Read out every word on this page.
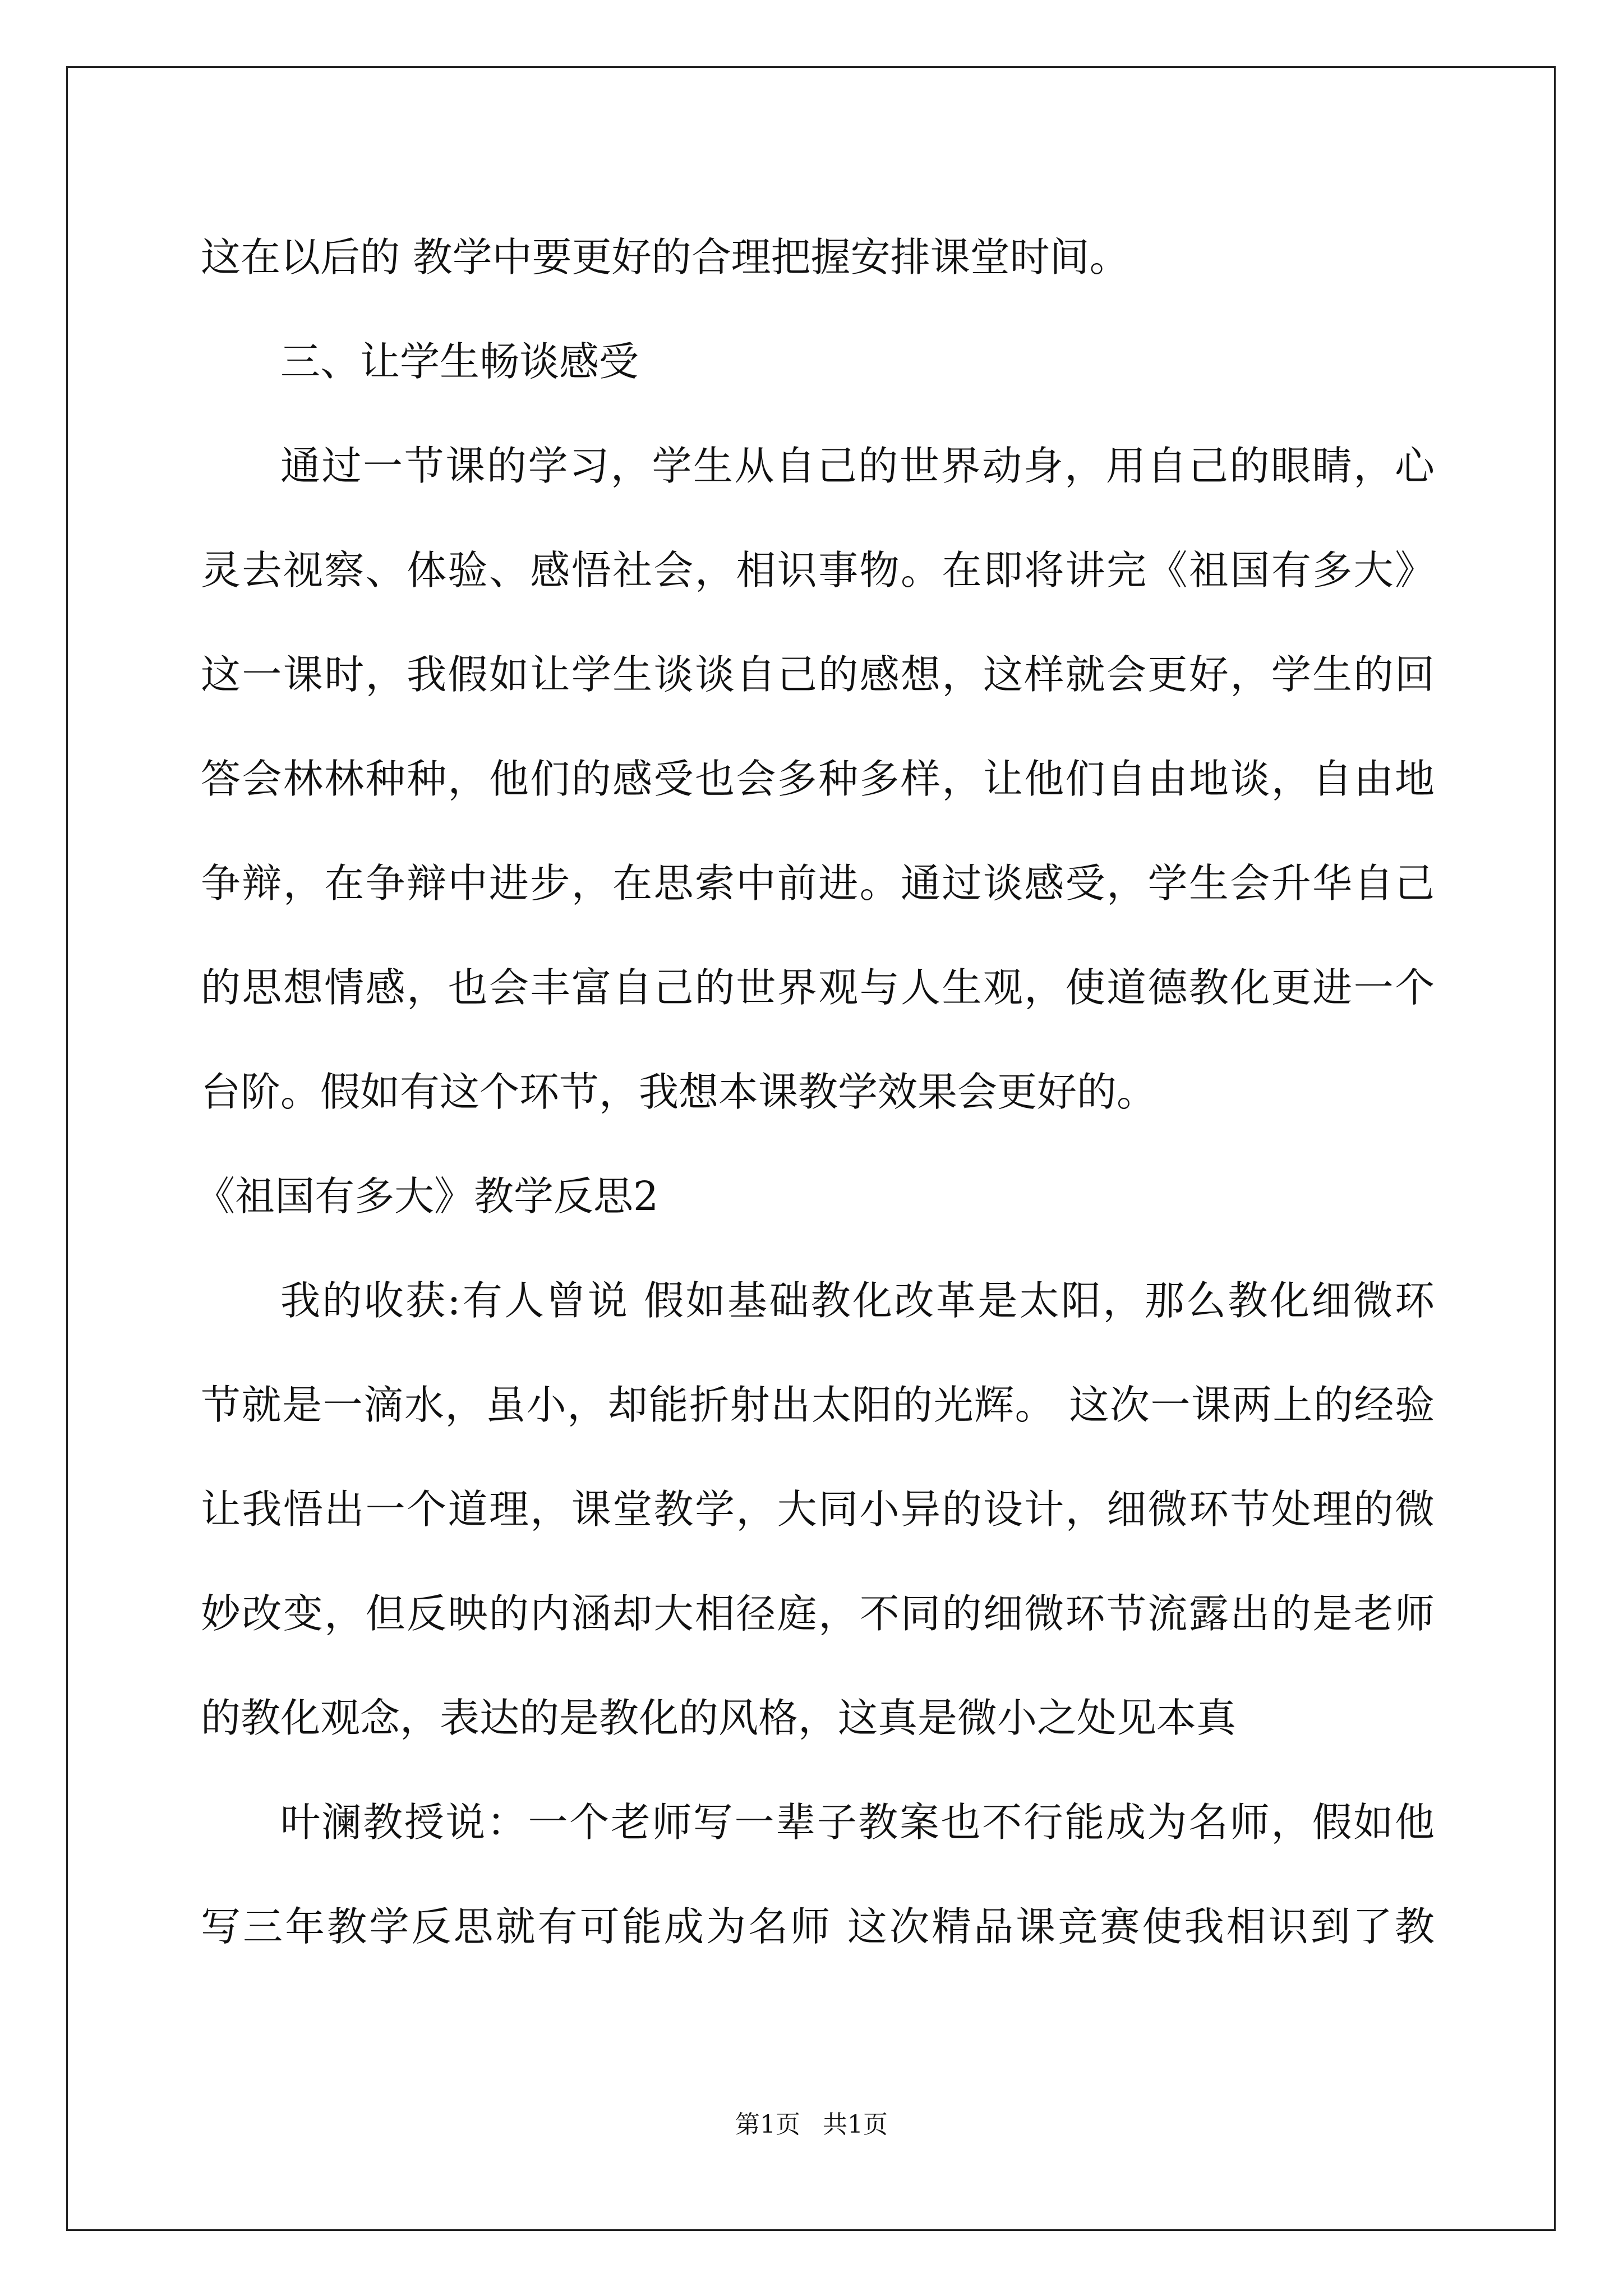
这在以后的 教学中要更好的合理把握安排课堂时间。
三、让学生畅谈感受
通过一节课的学习，学生从自己的世界动身，用自己的眼睛，心
灵去视察、体验、感悟社会，相识事物。在即将讲完《祖国有多大》
这一课时，我假如让学生谈谈自己的感想，这样就会更好，学生的回
答会林林种种，他们的感受也会多种多样，让他们自由地谈，自由地
争辩，在争辩中进步，在思索中前进。通过谈感受，学生会升华自己
的思想情感，也会丰富自己的世界观与人生观，使道德教化更进一个
台阶。假如有这个环节，我想本课教学效果会更好的。
《祖国有多大》教学反思2
我的收获:有人曾说 假如基础教化改革是太阳，那么教化细微环
节就是一滴水，虽小，却能折射出太阳的光辉。 这次一课两上的经验
让我悟出一个道理，课堂教学，大同小异的设计，细微环节处理的微
妙改变，但反映的内涵却大相径庭，不同的细微环节流露出的是老师
的教化观念，表达的是教化的风格，这真是微小之处见本真
叶澜教授说：一个老师写一辈子教案也不行能成为名师，假如他
写三年教学反思就有可能成为名师 这次精品课竞赛使我相识到了教
第1页 共1页
